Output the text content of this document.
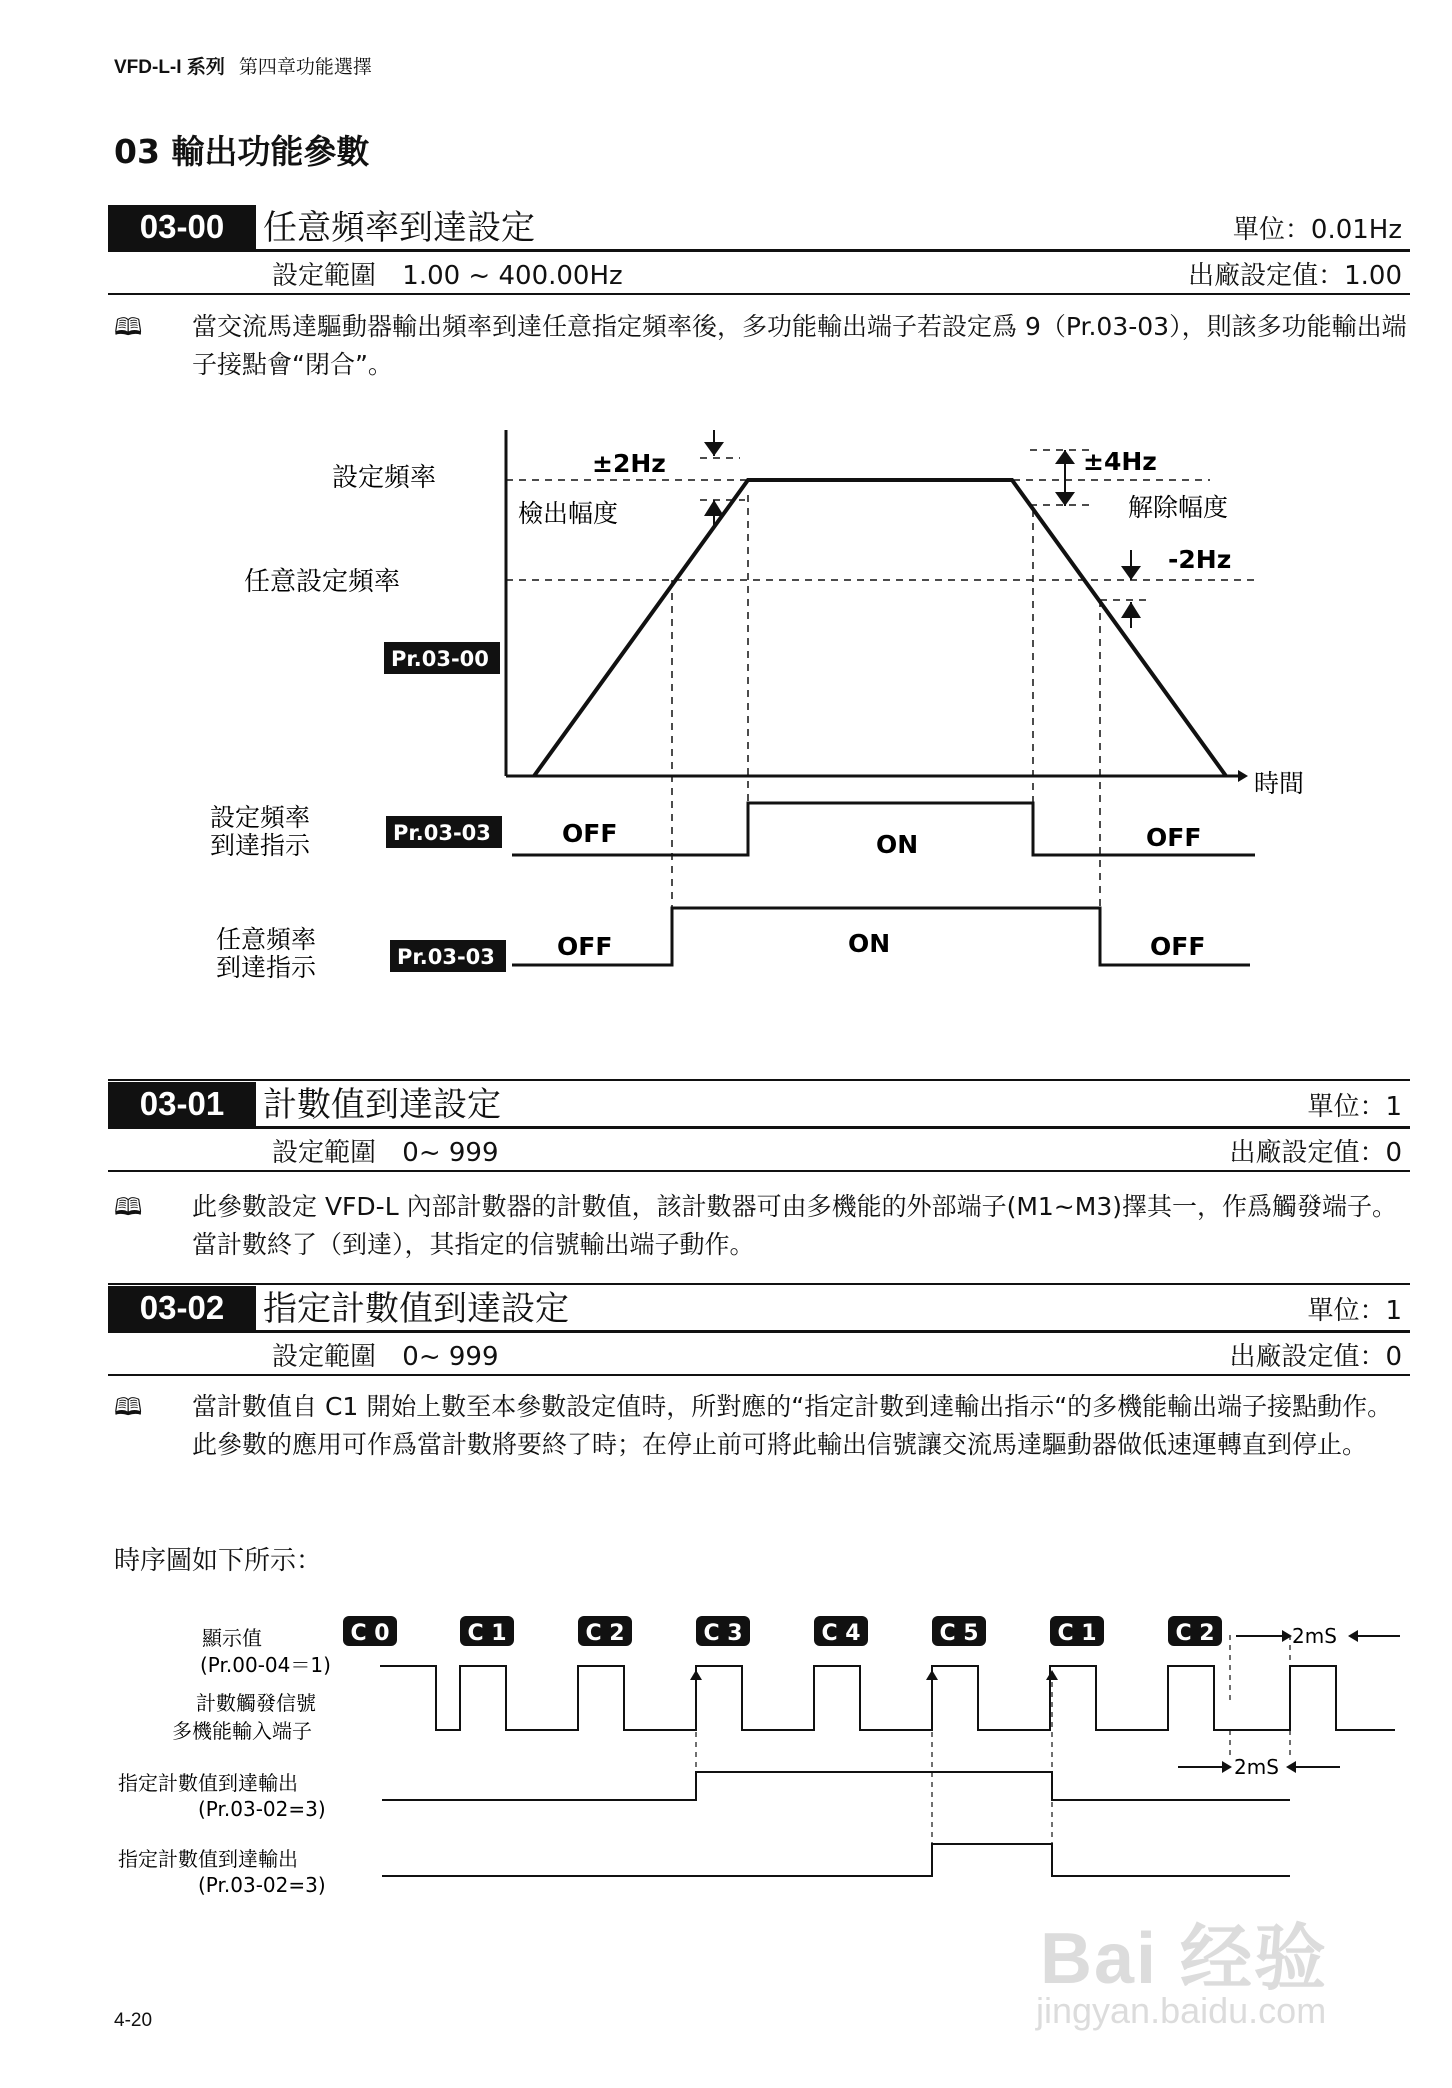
VFD-L-I 系列 第四章功能選擇
03 輸出功能參數
03-00	任意頻率到達設定	單位：0.01Hz
設定範圍 1.00 ~ 400.00Hz	出廠設定值：1.00
🕮 當交流馬達驅動器輸出頻率到達任意指定頻率後，多功能輸出端子若設定爲 9（Pr.03-03），則該多功能輸出端子接點會“閉合”。
設定頻率
檢出幅度
±2Hz	±4Hz
解除幅度
-2Hz
任意設定頻率
Pr.03-00
時間
設定頻率
到達指示	Pr.03-03	OFF	ON	OFF
任意頻率
到達指示	Pr.03-03 OFF	ON	OFF
03-01	計數值到達設定	單位：1
設定範圍 0~ 999	出廠設定值：0
🕮 此參數設定 VFD-L 內部計數器的計數值，該計數器可由多機能的外部端子(M1~M3)擇其一，作爲觸發端子。當計數終了（到達），其指定的信號輸出端子動作。
03-02	指定計數值到達設定	單位：1
設定範圍 0~ 999	出廠設定值：0
🕮 當計數值自 C1 開始上數至本參數設定值時，所對應的“指定計數到達輸出指示“的多機能輸出端子接點動作。此參數的應用可作爲當計數將要終了時；在停止前可將此輸出信號讓交流馬達驅動器做低速運轉直到停止。
時序圖如下所示：
顯示值
(Pr.00-04＝1)
C 0	C 1	C 2	C 3	C 4	C 5	C 1	C 2
計數觸發信號
多機能輸入端子
指定計數值到達輸出
(Pr.03-02=3)
指定計數值到達輸出
(Pr.03-02=3)
2mS
2mS
4-20
Bai 经验
jingyan.baidu.com
